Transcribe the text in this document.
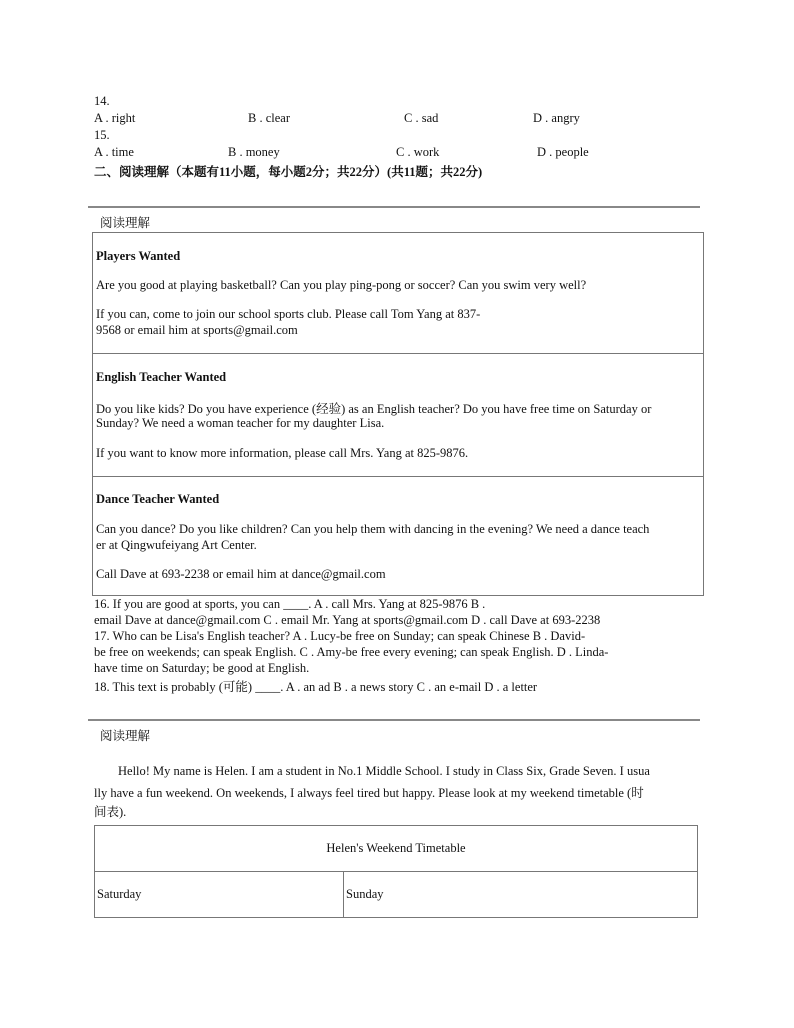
14.
A . right	B . clear	C . sad	D . angry
15.
A . time	B . money	C . work	D . people
二、阅读理解（本题有11小题，每小题2分；共22分）(共11题；共22分)
阅读理解
Players Wanted
Are you good at playing basketball? Can you play ping-pong or soccer? Can you swim very well?
If you can, come to join our school sports club. Please call Tom Yang at 837-
9568 or email him at sports@gmail.com
English Teacher Wanted
Do you like kids? Do you have experience (经验) as an English teacher? Do you have free time on Saturday or
Sunday? We need a woman teacher for my daughter Lisa.
If you want to know more information, please call Mrs. Yang at 825-9876.
Dance Teacher Wanted
Can you dance? Do you like children? Can you help them with dancing in the evening? We need a dance teach
er at Qingwufeiyang Art Center.
Call Dave at 693-2238 or email him at dance@gmail.com
16. If you are good at sports, you can ____. A . call Mrs. Yang at 825-9876 B .
email Dave at dance@gmail.com C . email Mr. Yang at sports@gmail.com D . call Dave at 693-2238
17. Who can be Lisa's English teacher? A . Lucy-be free on Sunday; can speak Chinese B . David-
be free on weekends; can speak English. C . Amy-be free every evening; can speak English. D . Linda-
have time on Saturday; be good at English.
18. This text is probably (可能) ____. A . an ad B . a news story C . an e-mail D . a letter
阅读理解
Hello! My name is Helen. I am a student in No.1 Middle School. I study in Class Six, Grade Seven. I usua
lly have a fun weekend. On weekends, I always feel tired but happy. Please look at my weekend timetable (时
间表).
Helen's Weekend Timetable
Saturday	Sunday
